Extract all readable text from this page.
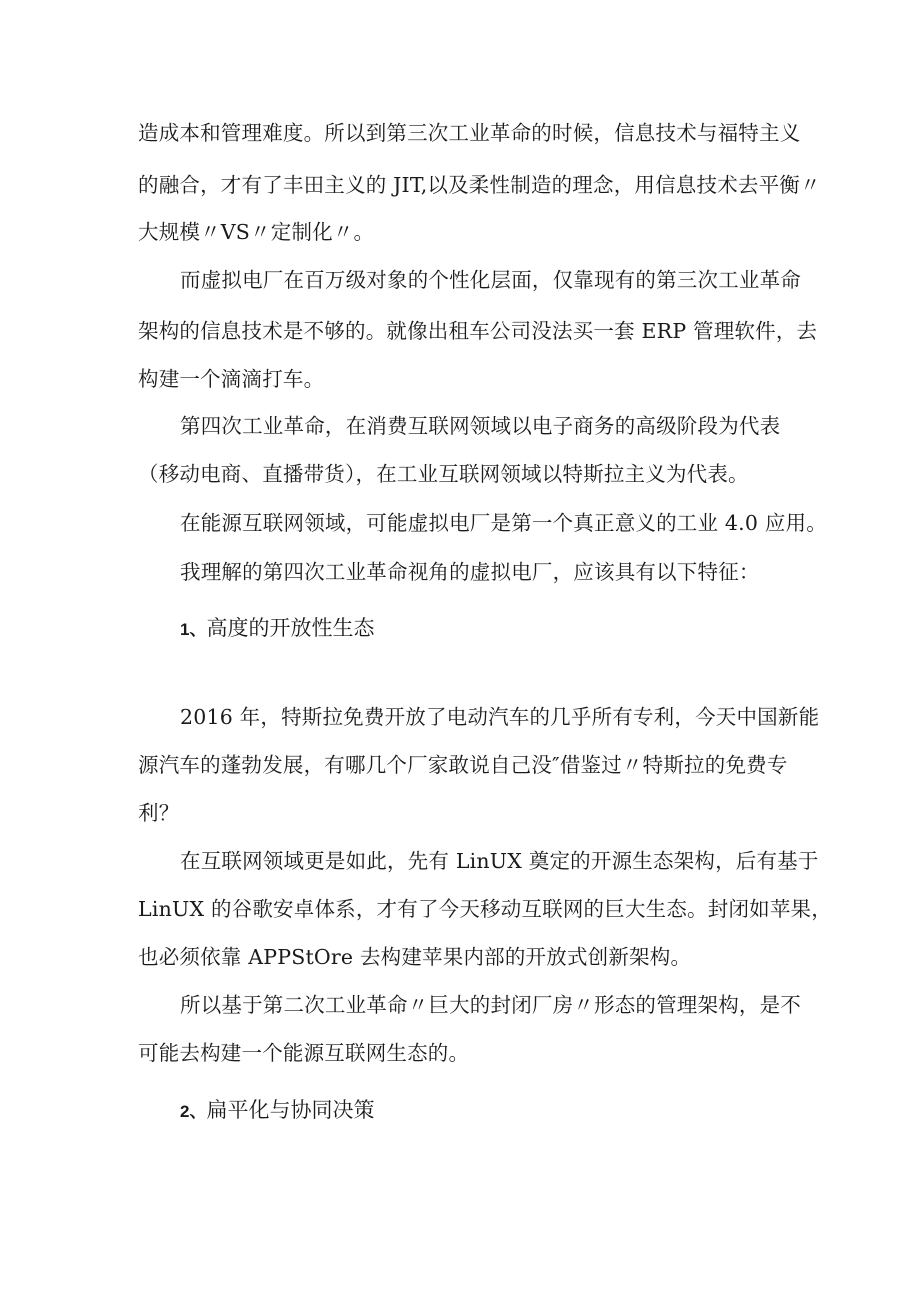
造成本和管理难度。所以到第三次工业革命的时候，信息技术与福特主义
的融合，才有了丰田主义的 JIT,以及柔性制造的理念，用信息技术去平衡〃
大规模〃VS〃定制化〃。
而虚拟电厂在百万级对象的个性化层面，仅靠现有的第三次工业革命
架构的信息技术是不够的。就像出租车公司没法买一套 ERP 管理软件，去
构建一个滴滴打车。
第四次工业革命，在消费互联网领域以电子商务的高级阶段为代表
（移动电商、直播带货），在工业互联网领域以特斯拉主义为代表。
在能源互联网领域，可能虚拟电厂是第一个真正意义的工业 4.0 应用。
我理解的第四次工业革命视角的虚拟电厂，应该具有以下特征：
1、高度的开放性生态
2016 年，特斯拉免费开放了电动汽车的几乎所有专利，今天中国新能
源汽车的蓬勃发展，有哪几个厂家敢说自己没″借鉴过〃特斯拉的免费专
利？
在互联网领域更是如此，先有 LinUX 奠定的开源生态架构，后有基于
LinUX 的谷歌安卓体系，才有了今天移动互联网的巨大生态。封闭如苹果，
也必须依靠 APPStOre 去构建苹果内部的开放式创新架构。
所以基于第二次工业革命〃巨大的封闭厂房〃形态的管理架构，是不
可能去构建一个能源互联网生态的。
2、扁平化与协同决策
